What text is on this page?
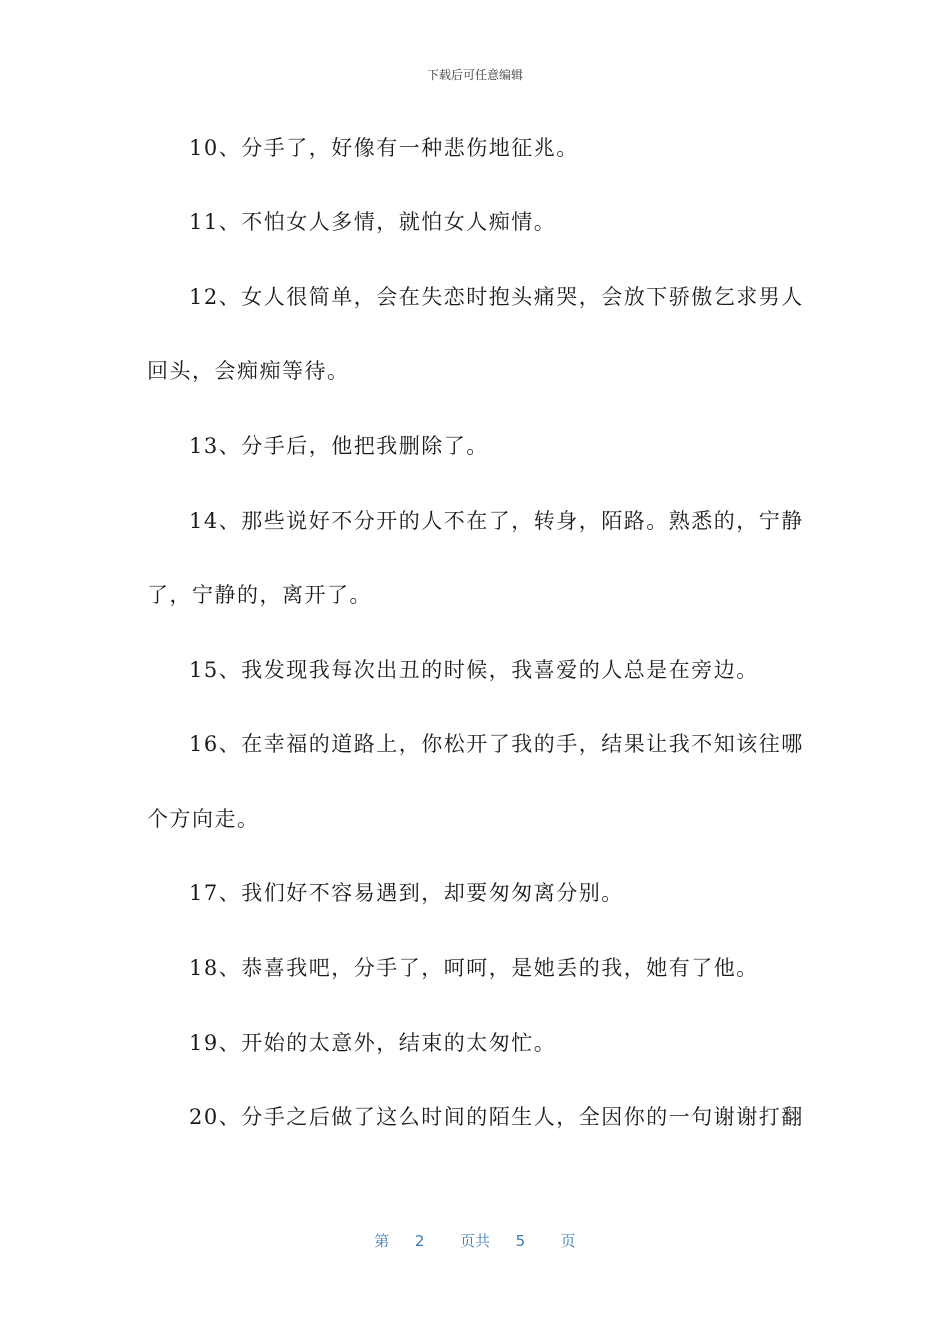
下载后可任意编辑
10、分手了，好像有一种悲伤地征兆。
11、不怕女人多情，就怕女人痴情。
12、女人很简单，会在失恋时抱头痛哭，会放下骄傲乞求男人
回头，会痴痴等待。
13、分手后，他把我删除了。
14、那些说好不分开的人不在了，转身，陌路。熟悉的，宁静
了，宁静的，离开了。
15、我发现我每次出丑的时候，我喜爱的人总是在旁边。
16、在幸福的道路上，你松开了我的手，结果让我不知该往哪
个方向走。
17、我们好不容易遇到，却要匆匆离分别。
18、恭喜我吧，分手了，呵呵，是她丢的我，她有了他。
19、开始的太意外，结束的太匆忙。
20、分手之后做了这么时间的陌生人，全因你的一句谢谢打翻
第 2 页共 5 页
